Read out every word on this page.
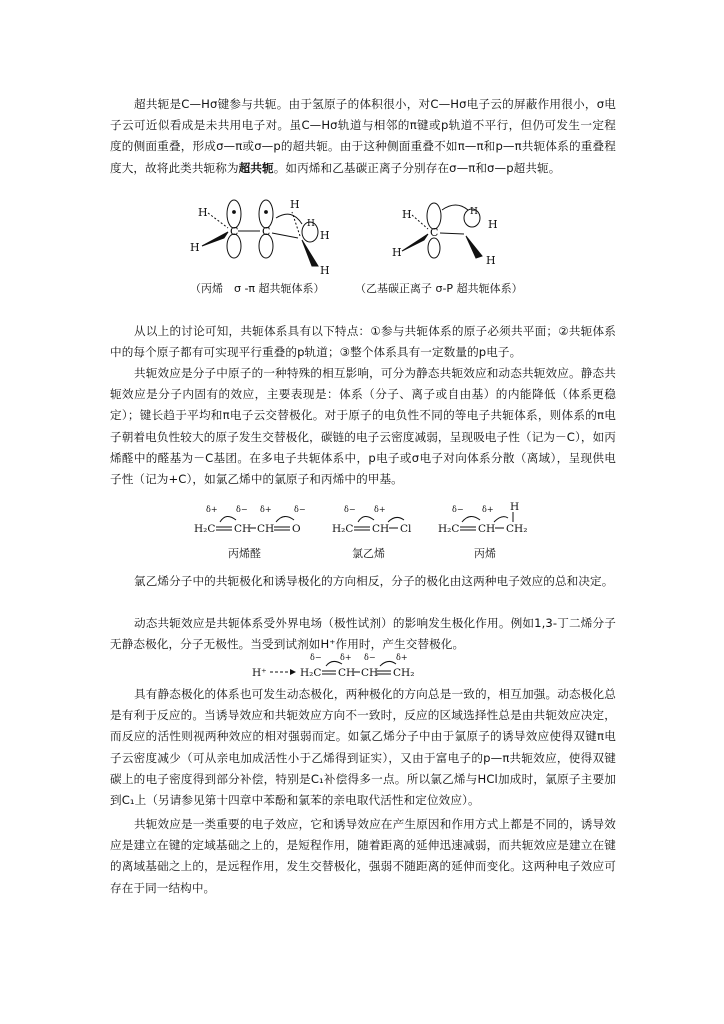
超共轭是C—Hσ键参与共轭。由于氢原子的体积很小，对C—Hσ电子云的屏蔽作用很小，σ电子云可近似看成是未共用电子对。虽C—Hσ轨道与相邻的π键或p轨道不平行，但仍可发生一定程度的侧面重叠，形成σ—π或σ—p的超共轭。由于这种侧面重叠不如π—π和p—π共轭体系的重叠程度大，故将此类共轭称为超共轭。如丙烯和乙基碳正离子分别存在σ—π和σ—p超共轭。

C C
H
H
H
H
H
H
C
H
H
H
H
H
（丙烯　σ -π 超共轭体系）	（乙基碳正离子 σ-P 超共轭体系）

从以上的讨论可知，共轭体系具有以下特点：①参与共轭体系的原子必须共平面；②共轭体系中的每个原子都有可实现平行重叠的p轨道；③整个体系具有一定数量的p电子。

共轭效应是分子中原子的一种特殊的相互影响，可分为静态共轭效应和动态共轭效应。静态共轭效应是分子内固有的效应，主要表现是：体系（分子、离子或自由基）的内能降低（体系更稳定）；键长趋于平均和π电子云交替极化。对于原子的电负性不同的等电子共轭体系，则体系的π电子朝着电负性较大的原子发生交替极化，碳链的电子云密度减弱，呈现吸电子性（记为－C），如丙烯醛中的醛基为－C基团。在多电子共轭体系中，p电子或σ电子对向体系分散（离域），呈现供电子性（记为+C），如氯乙烯中的氯原子和丙烯中的甲基。

H₂C CH CH O
δ+ δ− δ+	δ−
H₂C CH Cl
δ− δ+
H₂C CH CH₂
H
δ− δ+
丙烯醛	氯乙烯	丙烯

氯乙烯分子中的共轭极化和诱导极化的方向相反，分子的极化由这两种电子效应的总和决定。

动态共轭效应是共轭体系受外界电场（极性试剂）的影响发生极化作用。例如1,3-丁二烯分子无静态极化，分子无极性。当受到试剂如H⁺作用时，产生交替极化。

H⁺	H₂C CH CH CH₂
δ− δ+ δ−	δ+

具有静态极化的体系也可发生动态极化，两种极化的方向总是一致的，相互加强。动态极化总是有利于反应的。当诱导效应和共轭效应方向不一致时，反应的区域选择性总是由共轭效应决定，而反应的活性则视两种效应的相对强弱而定。如氯乙烯分子中由于氯原子的诱导效应使得双键π电子云密度减少（可从亲电加成活性小于乙烯得到证实），又由于富电子的p—π共轭效应，使得双键碳上的电子密度得到部分补偿，特别是C₁补偿得多一点。所以氯乙烯与HCl加成时，氯原子主要加到C₁上（另请参见第十四章中苯酚和氯苯的亲电取代活性和定位效应）。

共轭效应是一类重要的电子效应，它和诱导效应在产生原因和作用方式上都是不同的，诱导效应是建立在键的定域基础之上的，是短程作用，随着距离的延伸迅速减弱，而共轭效应是建立在键的离域基础之上的，是远程作用，发生交替极化，强弱不随距离的延伸而变化。这两种电子效应可存在于同一结构中。
